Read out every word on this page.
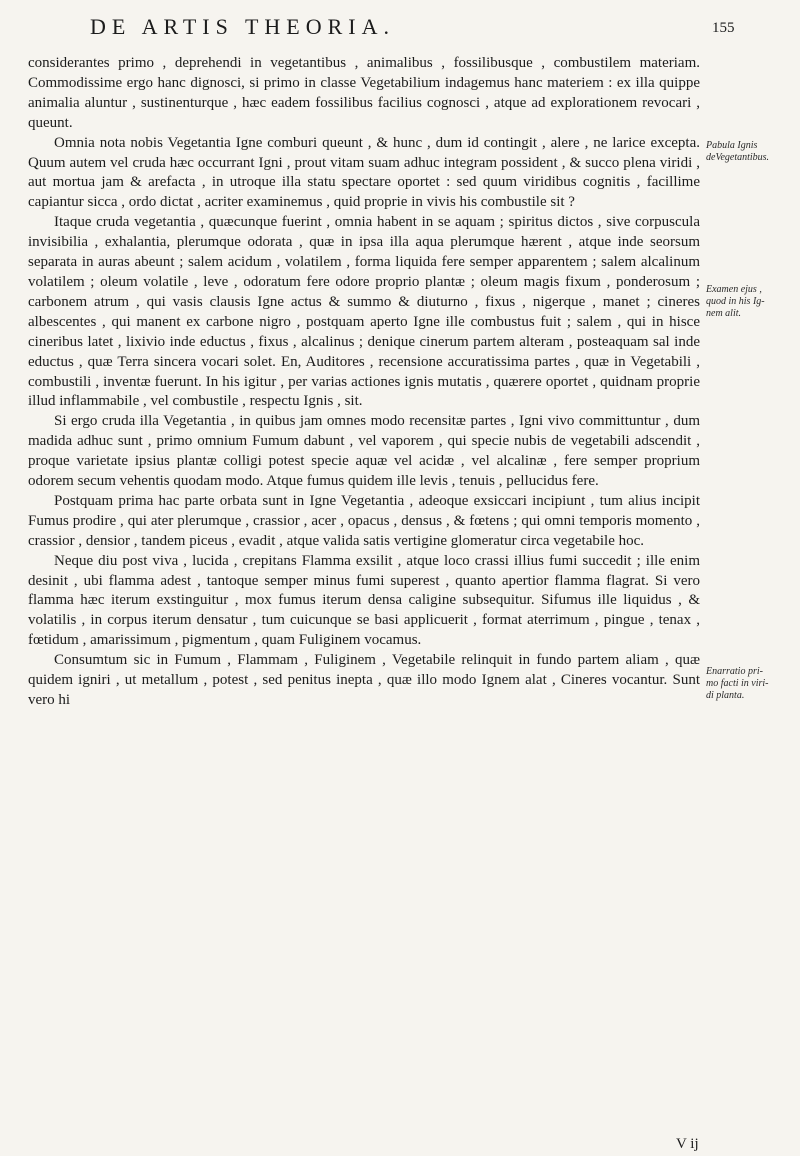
DE ARTIS THEORIA.	155

considerantes primo , deprehendi in vegetantibus , animalibus , fossilibusque , combustilem materiam. Commodissime ergo hanc dignosci, si primo in classe Vegetabilium indagemus hanc materiem : ex illa quippe animalia aluntur , sustinenturque , hæc eadem fossilibus facilius cognosci , atque ad explorationem revocari , queunt.

Omnia nota nobis Vegetantia Igne comburi queunt , & hunc , dum id contingit , alere , ne larice excepta. Quum autem vel cruda hæc occurrant Igni , prout vitam suam adhuc integram possident , & succo plena viridi , aut mortua jam & arefacta , in utroque illa statu spectare oportet : sed quum viridibus cognitis , facillime capiantur sicca , ordo dictat , acriter examinemus , quid proprie in vivis his combustile sit ?

Itaque cruda vegetantia , quæcunque fuerint , omnia habent in se aquam ; spiritus dictos , sive corpuscula invisibilia , exhalantia, plerumque odorata , quæ in ipsa illa aqua plerumque hærent , atque inde seorsum separata in auras abeunt ; salem acidum , volatilem , forma liquida fere semper apparentem ; salem alcalinum volatilem ; oleum volatile , leve , odoratum fere odore proprio plantæ ; oleum magis fixum , ponderosum ; carbonem atrum , qui vasis clausis Igne actus & summo & diuturno , fixus , nigerque , manet ; cineres albescentes , qui manent ex carbone nigro , postquam aperto Igne ille combustus fuit ; salem , qui in hisce cineribus latet , lixivio inde eductus , fixus , alcalinus ; denique cinerum partem alteram , posteaquam sal inde eductus , quæ Terra sincera vocari solet. En, Auditores , recensione accuratissima partes , quæ in Vegetabili , combustili , inventæ fuerunt. In his igitur , per varias actiones ignis mutatis , quærere oportet , quidnam proprie illud inflammabile , vel combustile , respectu Ignis , sit.

Si ergo cruda illa Vegetantia , in quibus jam omnes modo recensitæ partes , Igni vivo committuntur , dum madida adhuc sunt , primo omnium Fumum dabunt , vel vaporem , qui specie nubis de vegetabili adscendit , proque varietate ipsius plantæ colligi potest specie aquæ vel acidæ , vel alcalinæ , fere semper proprium odorem secum vehentis quodam modo. Atque fumus quidem ille levis , tenuis , pellucidus fere.

Postquam prima hac parte orbata sunt in Igne Vegetantia , adeoque exsiccari incipiunt , tum alius incipit Fumus prodire , qui ater plerumque , crassior , acer , opacus , densus , & fœtens ; qui omni temporis momento , crassior , densior , tandem piceus , evadit , atque valida satis vertigine glomeratur circa vegetabile hoc.

Neque diu post viva , lucida , crepitans Flamma exsilit , atque loco crassi illius fumi succedit ; ille enim desinit , ubi flamma adest , tantoque semper minus fumi superest , quanto apertior flamma flagrat. Si vero flamma hæc iterum exstinguitur , mox fumus iterum densa caligine subsequitur. Sifumus ille liquidus , & volatilis , in corpus iterum densatur , tum cuicunque se basi applicuerit , format aterrimum , pingue , tenax , fœtidum , amarissimum , pigmentum , quam Fuliginem vocamus.

Consumtum sic in Fumum , Flammam , Fuliginem , Vegetabile relinquit in fundo partem aliam , quæ quidem igniri , ut metallum , potest , sed penitus inepta , quæ illo modo Ignem alat , Cineres vocantur. Sunt vero hi

Pabula Ignis
deVegetantibus.
Examen ejus ,
quod in his Ig-
nem alit.
Enarratio pri-
mo facti in viri-
di planta.
V ij
